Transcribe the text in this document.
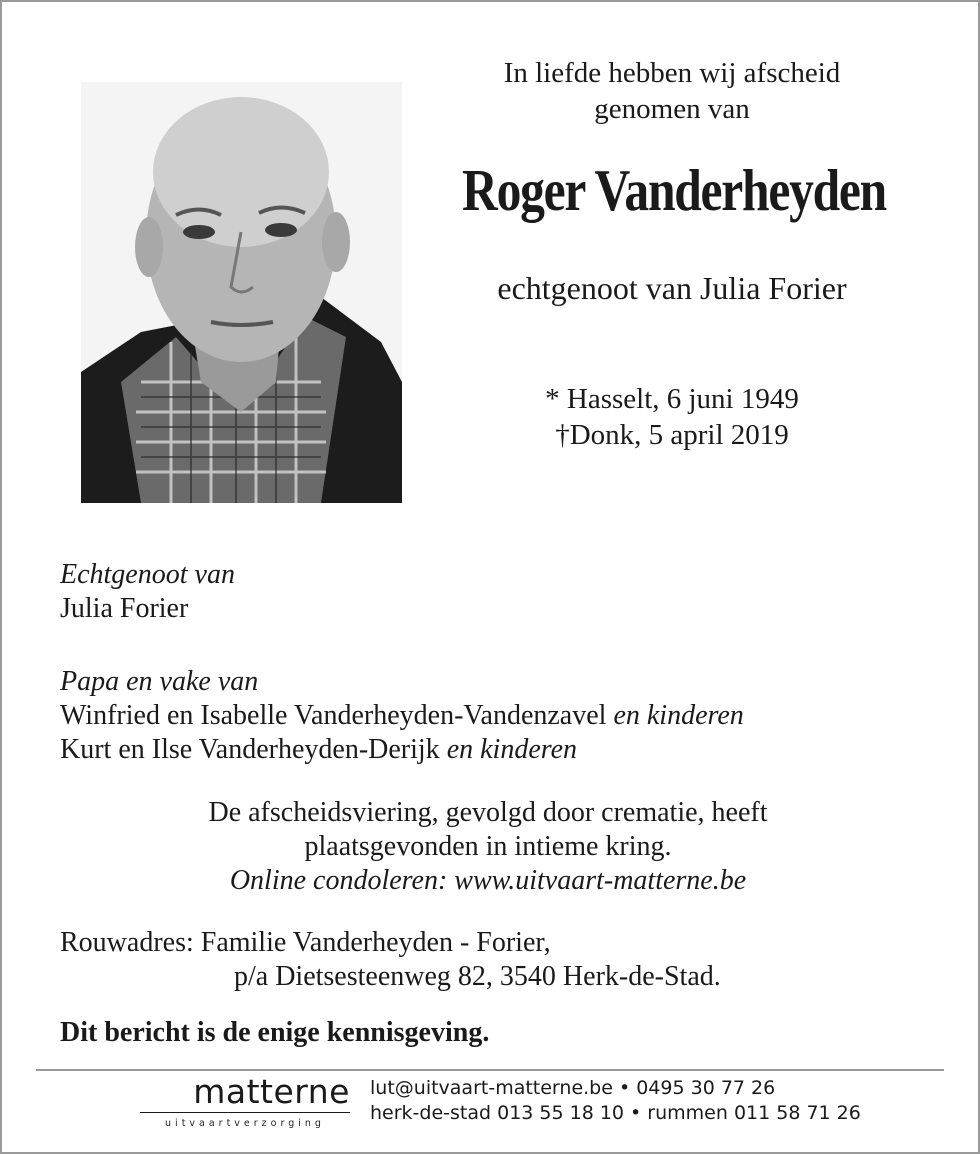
In liefde hebben wij afscheid
genomen van
Roger Vanderheyden
echtgenoot van Julia Forier
* Hasselt, 6 juni 1949
†Donk, 5 april 2019
Echtgenoot van
Julia Forier
Papa en vake van
Winfried en Isabelle Vanderheyden-Vandenzavel en kinderen
Kurt en Ilse Vanderheyden-Derijk en kinderen
De afscheidsviering, gevolgd door crematie, heeft
plaatsgevonden in intieme kring.
Online condoleren: www.uitvaart-matterne.be
Rouwadres: Familie Vanderheyden - Forier,
p/a Dietsesteenweg 82, 3540 Herk-de-Stad.
Dit bericht is de enige kennisgeving.
matterne
uitvaartverzorging
lut@uitvaart-matterne.be • 0495 30 77 26
herk-de-stad 013 55 18 10 • rummen 011 58 71 26
